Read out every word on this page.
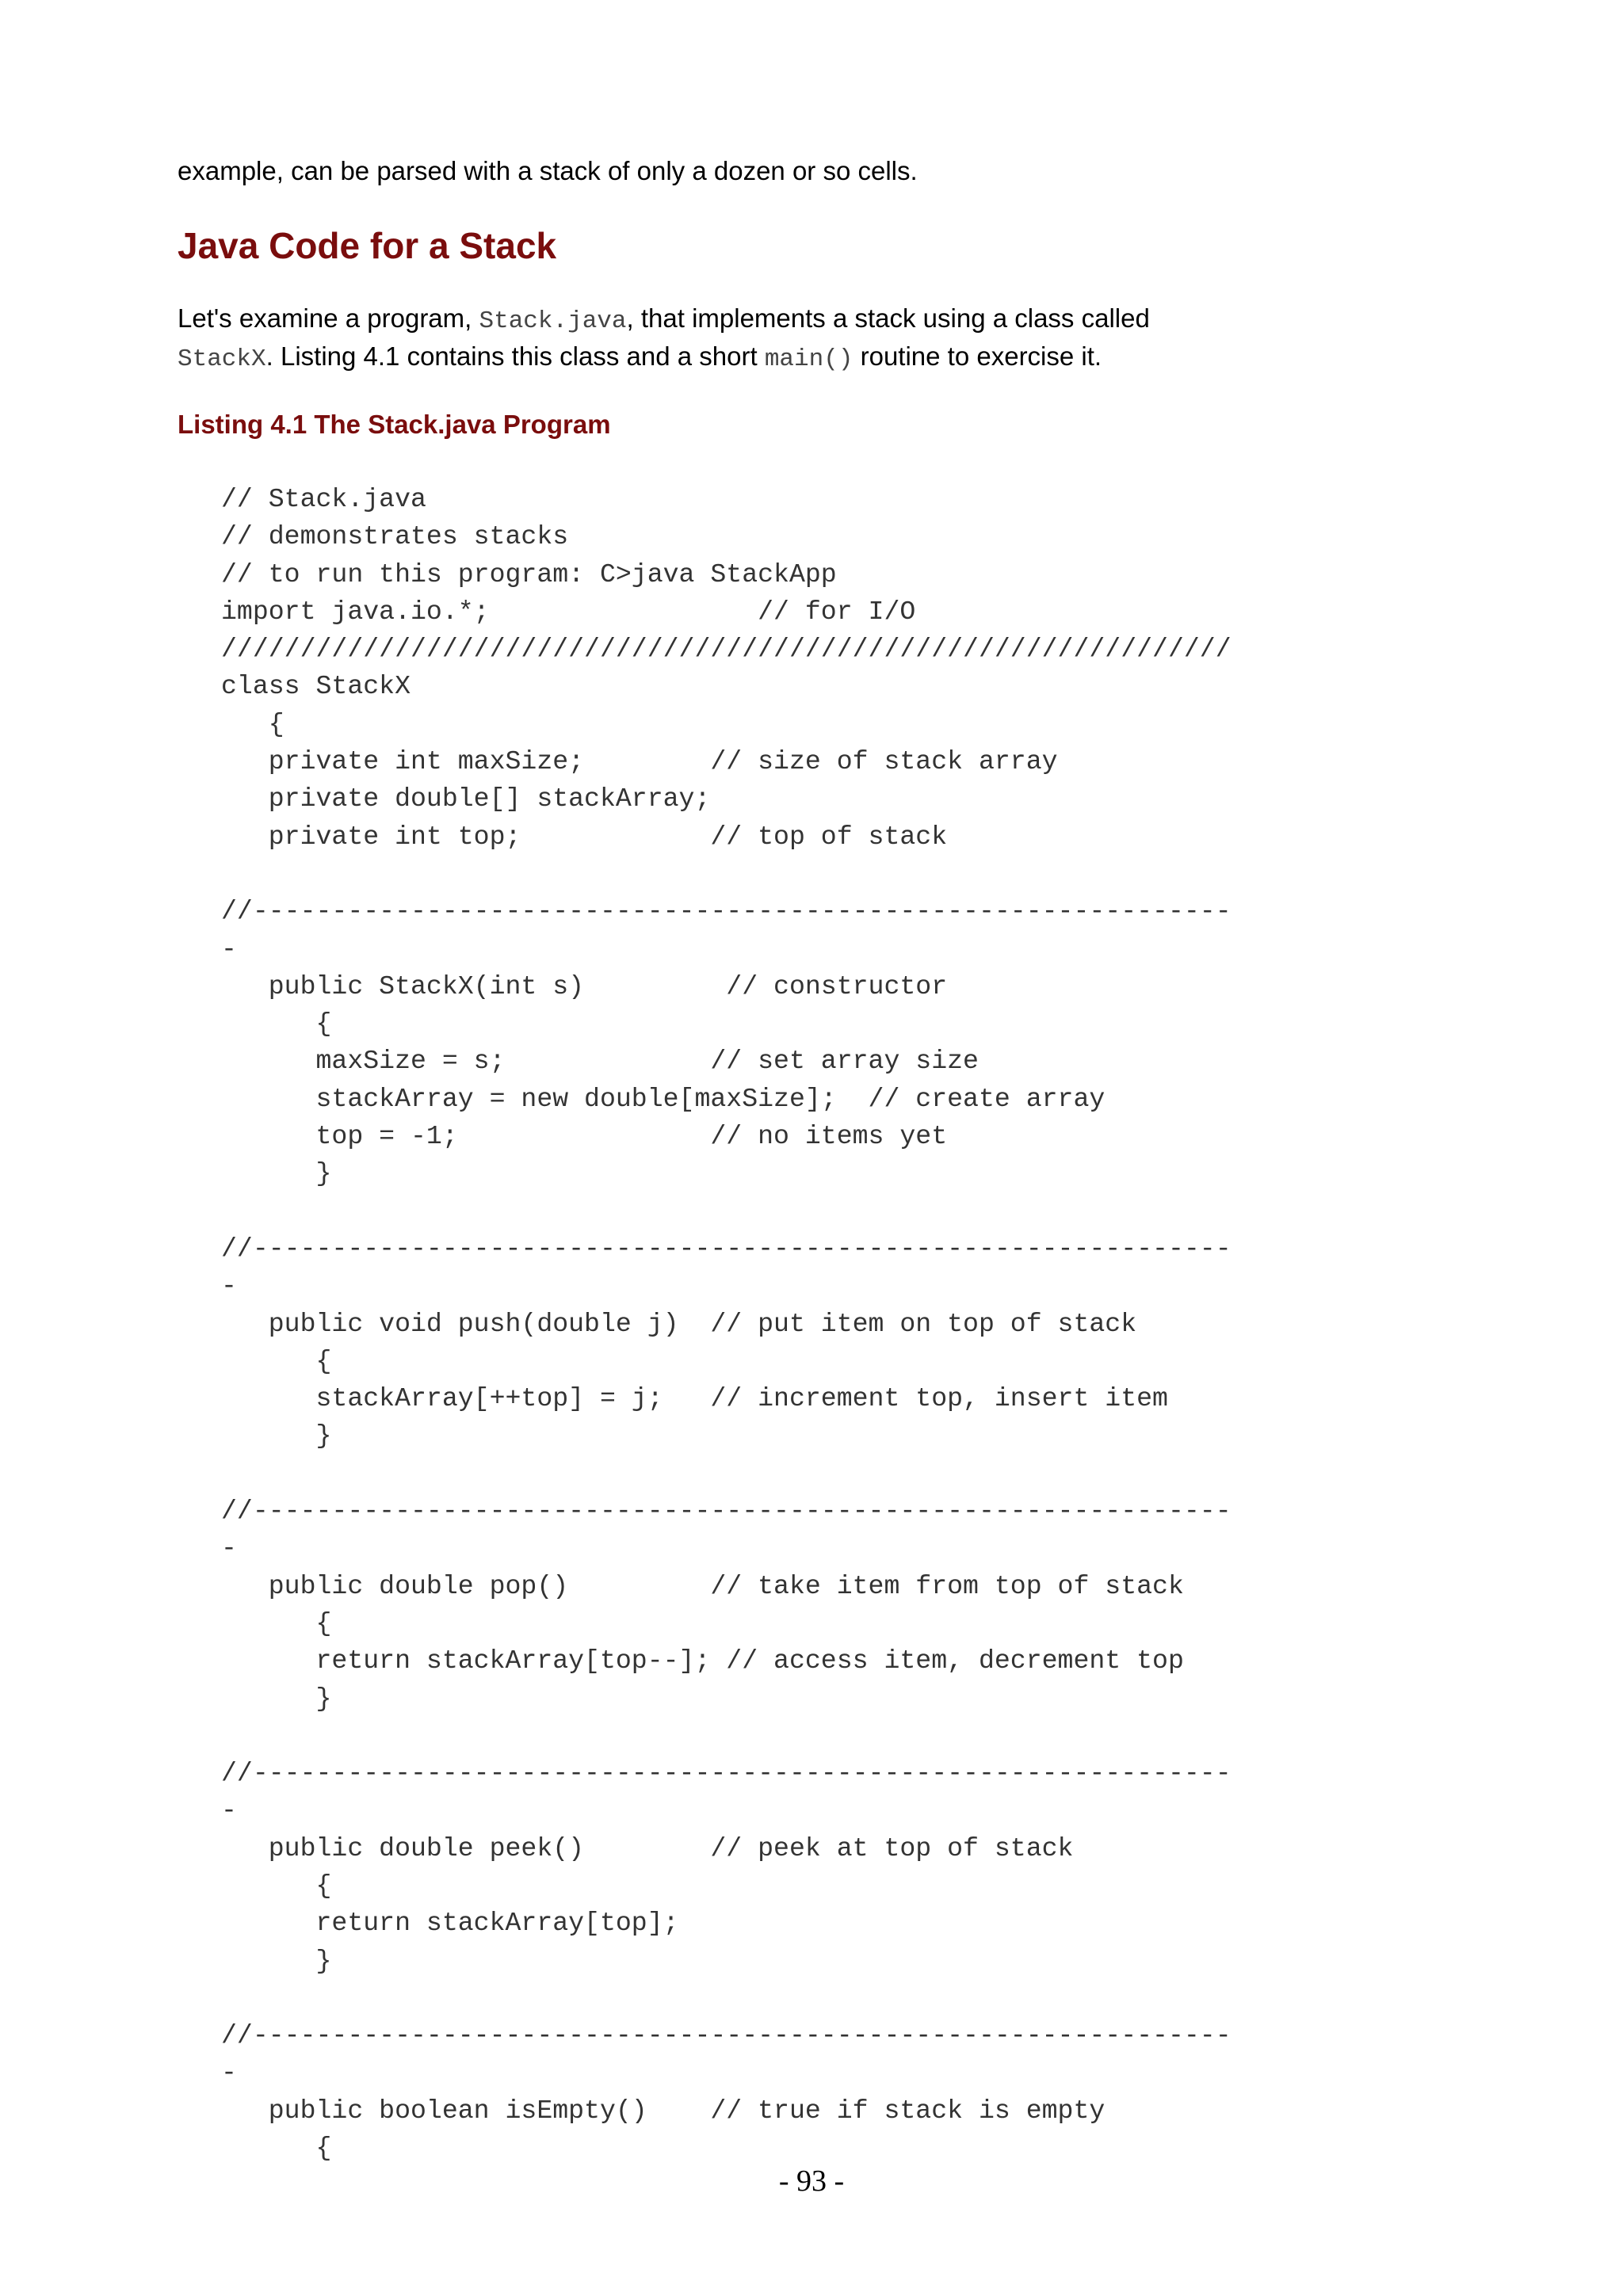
example, can be parsed with a stack of only a dozen or so cells.
Java Code for a Stack
Let's examine a program, Stack.java, that implements a stack using a class called
StackX. Listing 4.1 contains this class and a short main() routine to exercise it.
Listing 4.1 The Stack.java Program
// Stack.java
// demonstrates stacks
// to run this program: C>java StackApp
import java.io.*;                 // for I/O
////////////////////////////////////////////////////////////////
class StackX
{
private int maxSize;        // size of stack array
private double[] stackArray;
private int top;            // top of stack
//--------------------------------------------------------------
-
public StackX(int s)         // constructor
{
maxSize = s;             // set array size
stackArray = new double[maxSize];  // create array
top = -1;                // no items yet
}
//--------------------------------------------------------------
-
public void push(double j)  // put item on top of stack
{
stackArray[++top] = j;   // increment top, insert item
}
//--------------------------------------------------------------
-
public double pop()         // take item from top of stack
{
return stackArray[top--]; // access item, decrement top
}
//--------------------------------------------------------------
-
public double peek()        // peek at top of stack
{
return stackArray[top];
}
//--------------------------------------------------------------
-
public boolean isEmpty()    // true if stack is empty
{
- 93 -
